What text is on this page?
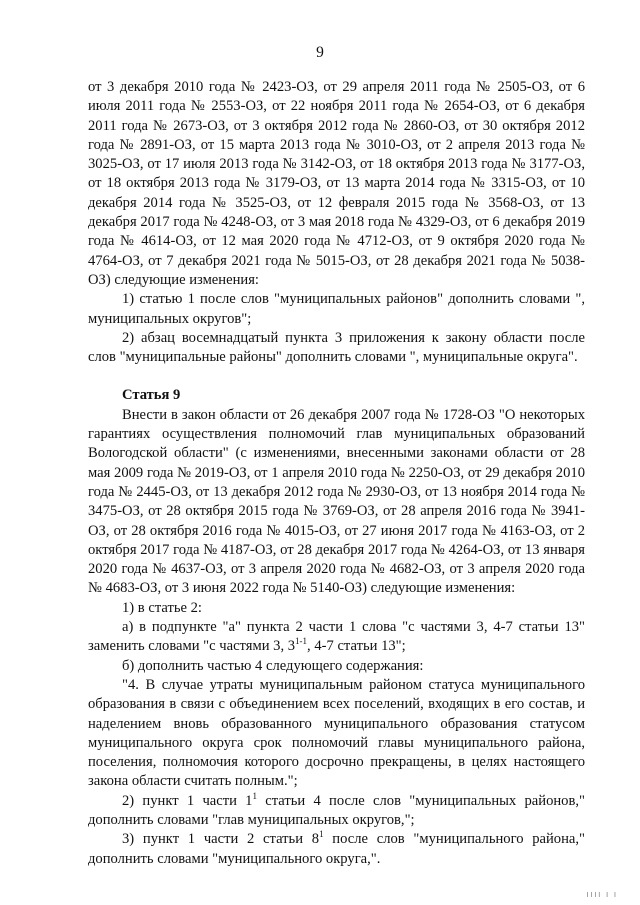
9

от 3 декабря 2010 года № 2423-ОЗ, от 29 апреля 2011 года № 2505-ОЗ, от 6 июля 2011 года № 2553-ОЗ, от 22 ноября 2011 года № 2654-ОЗ, от 6 декабря 2011 года № 2673-ОЗ, от 3 октября 2012 года № 2860-ОЗ, от 30 октября 2012 года № 2891-ОЗ, от 15 марта 2013 года № 3010-ОЗ, от 2 апреля 2013 года № 3025-ОЗ, от 17 июля 2013 года № 3142-ОЗ, от 18 октября 2013 года № 3177-ОЗ, от 18 октября 2013 года № 3179-ОЗ, от 13 марта 2014 года № 3315-ОЗ, от 10 декабря 2014 года № 3525-ОЗ, от 12 февраля 2015 года № 3568-ОЗ, от 13 декабря 2017 года № 4248-ОЗ, от 3 мая 2018 года № 4329-ОЗ, от 6 декабря 2019 года № 4614-ОЗ, от 12 мая 2020 года № 4712-ОЗ, от 9 октября 2020 года № 4764-ОЗ, от 7 декабря 2021 года № 5015-ОЗ, от 28 декабря 2021 года № 5038-ОЗ) следующие изменения:

1) статью 1 после слов "муниципальных районов" дополнить словами ", муниципальных округов";

2) абзац восемнадцатый пункта 3 приложения к закону области после слов "муниципальные районы" дополнить словами ", муниципальные округа".

Статья 9

Внести в закон области от 26 декабря 2007 года № 1728-ОЗ "О некоторых гарантиях осуществления полномочий глав муниципальных образований Вологодской области" (с изменениями, внесенными законами области от 28 мая 2009 года № 2019-ОЗ, от 1 апреля 2010 года № 2250-ОЗ, от 29 декабря 2010 года № 2445-ОЗ, от 13 декабря 2012 года № 2930-ОЗ, от 13 ноября 2014 года № 3475-ОЗ, от 28 октября 2015 года № 3769-ОЗ, от 28 апреля 2016 года № 3941-ОЗ, от 28 октября 2016 года № 4015-ОЗ, от 27 июня 2017 года № 4163-ОЗ, от 2 октября 2017 года № 4187-ОЗ, от 28 декабря 2017 года № 4264-ОЗ, от 13 января 2020 года № 4637-ОЗ, от 3 апреля 2020 года № 4682-ОЗ, от 3 апреля 2020 года № 4683-ОЗ, от 3 июня 2022 года № 5140-ОЗ) следующие изменения:

1) в статье 2:

а) в подпункте "а" пункта 2 части 1 слова "с частями 3, 4-7 статьи 13" заменить словами "с частями 3, 3$^{1-1}$, 4-7 статьи 13";

б) дополнить частью 4 следующего содержания:

"4. В случае утраты муниципальным районом статуса муниципального образования в связи с объединением всех поселений, входящих в его состав, и наделением вновь образованного муниципального образования статусом муниципального округа срок полномочий главы муниципального района, поселения, полномочия которого досрочно прекращены, в целях настоящего закона области считать полным.";

2) пункт 1 части $1^1$ статьи 4 после слов "муниципальных районов," дополнить словами "глав муниципальных округов,";

3) пункт 1 части 2 статьи $8^1$ после слов "муниципального района," дополнить словами "муниципального округа,".

ІІІІ І І
